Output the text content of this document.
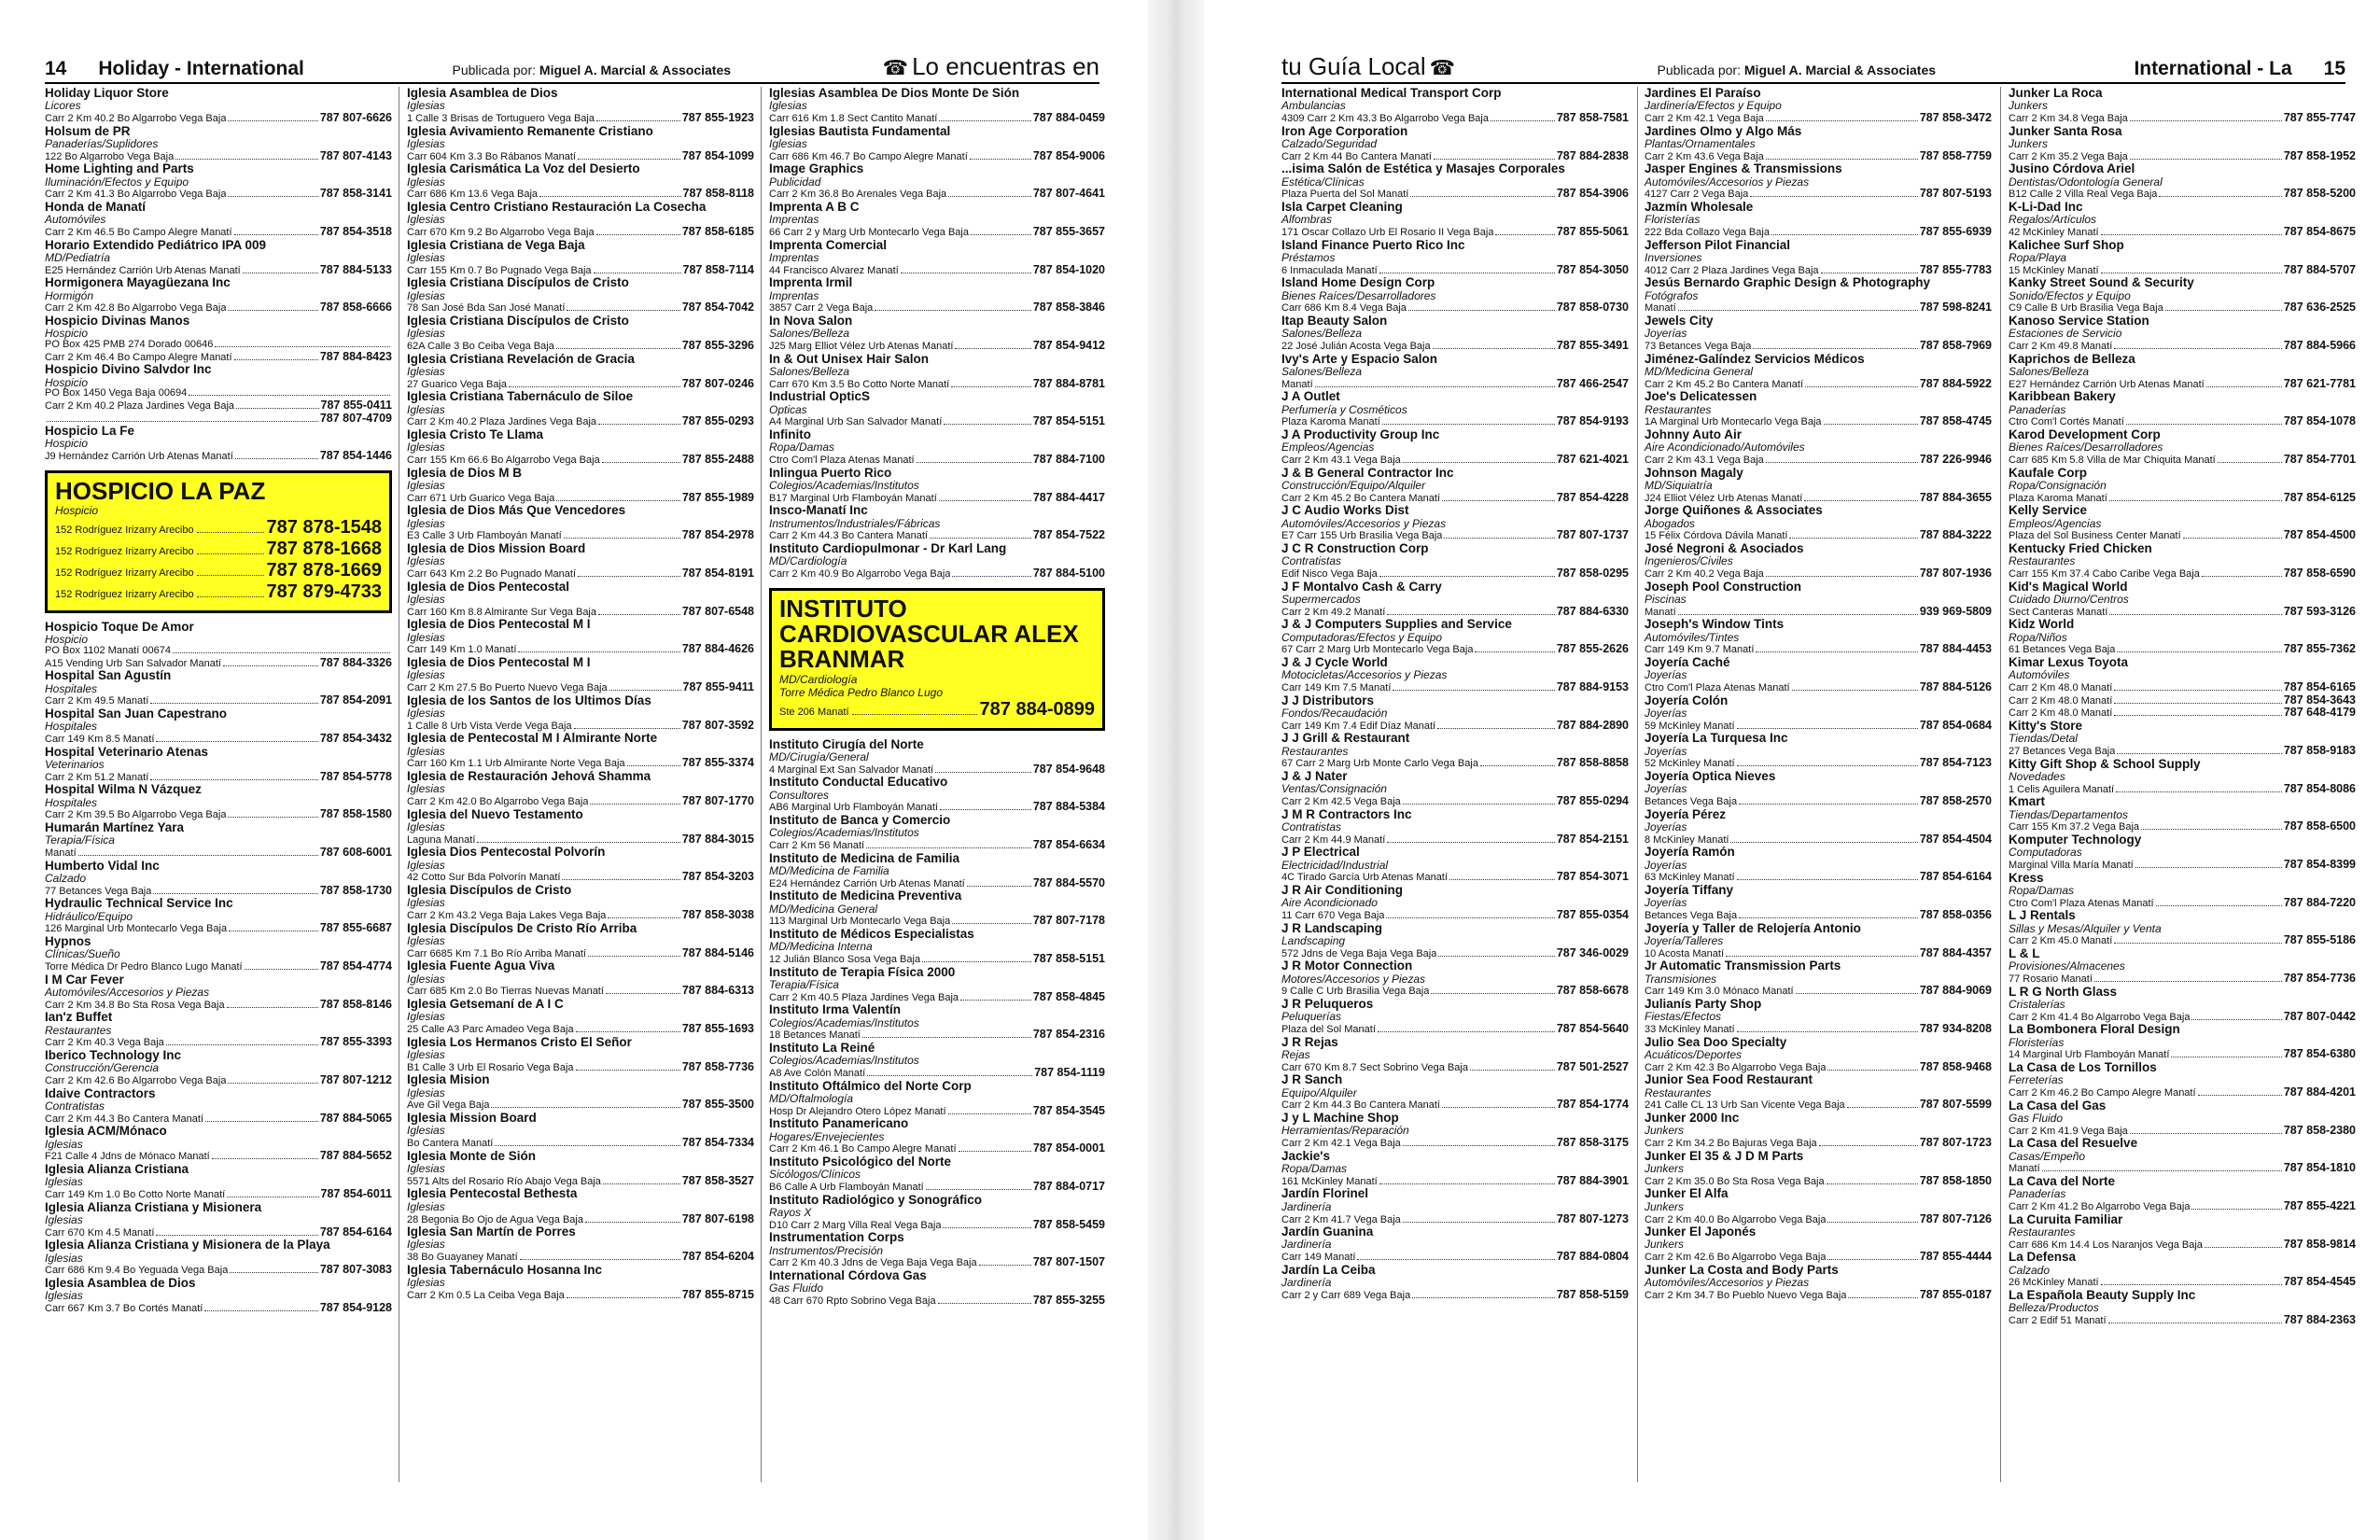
14 Holiday - International	Publicada por: Miguel A. Marcial & Associates	☎ Lo encuentras en
Holiday Liquor Store
Licores
Carr 2 Km 40.2 Bo Algarrobo Vega Baja	787 807-6626
Holsum de PR
Panaderías/Suplidores
122 Bo Algarrobo Vega Baja	787 807-4143
Home Lighting and Parts
Iluminación/Efectos y Equipo
Carr 2 Km 41.3 Bo Algarrobo Vega Baja	787 858-3141
Honda de Manatí
Automóviles
Carr 2 Km 46.5 Bo Campo Alegre Manatí	787 854-3518
Horario Extendido Pediátrico IPA 009
MD/Pediatría
E25 Hernández Carrión Urb Atenas Manatí	787 884-5133
Hormigonera Mayagüezana Inc
Hormigón
Carr 2 Km 42.8 Bo Algarrobo Vega Baja	787 858-6666
Hospicio Divinas Manos
Hospicio
PO Box 425 PMB 274 Dorado 00646
Carr 2 Km 46.4 Bo Campo Alegre Manatí	787 884-8423
Hospicio Divino Salvdor Inc
Hospicio
PO Box 1450 Vega Baja 00694
Carr 2 Km 40.2 Plaza Jardines Vega Baja	787 855-0411
787 807-4709
Hospicio La Fe
Hospicio
J9 Hernández Carrión Urb Atenas Manatí	787 854-1446
HOSPICIO LA PAZ
Hospicio
152 Rodríguez Irizarry Arecibo	787 878-1548
152 Rodríguez Irizarry Arecibo	787 878-1668
152 Rodríguez Irizarry Arecibo	787 878-1669
152 Rodríguez Irizarry Arecibo	787 879-4733
Hospicio Toque De Amor
Hospicio
PO Box 1102 Manatí 00674
A15 Vending Urb San Salvador Manatí	787 884-3326
Hospital San Agustín
Hospitales
Carr 2 Km 49.5 Manatí	787 854-2091
Hospital San Juan Capestrano
Hospitales
Carr 149 Km 8.5 Manatí	787 854-3432
Hospital Veterinario Atenas
Veterinarios
Carr 2 Km 51.2 Manatí	787 854-5778
Hospital Wilma N Vázquez
Hospitales
Carr 2 Km 39.5 Bo Algarrobo Vega Baja	787 858-1580
Humarán Martínez Yara
Terapia/Física
Manatí	787 608-6001
Humberto Vidal Inc
Calzado
77 Betances Vega Baja	787 858-1730
Hydraulic Technical Service Inc
Hidráulico/Equipo
126 Marginal Urb Montecarlo Vega Baja	787 855-6687
Hypnos
Clínicas/Sueño
Torre Médica Dr Pedro Blanco Lugo Manatí	787 854-4774
I M Car Fever
Automóviles/Accesorios y Piezas
Carr 2 Km 34.8 Bo Sta Rosa Vega Baja	787 858-8146
Ian'z Buffet
Restaurantes
Carr 2 Km 40.3 Vega Baja	787 855-3393
Iberico Technology Inc
Construcción/Gerencia
Carr 2 Km 42.6 Bo Algarrobo Vega Baja	787 807-1212
Idaive Contractors
Contratistas
Carr 2 Km 44.3 Bo Cantera Manatí	787 884-5065
Iglesia ACM/Mónaco
Iglesias
F21 Calle 4 Jdns de Mónaco Manatí	787 884-5652
Iglesia Alianza Cristiana
Iglesias
Carr 149 Km 1.0 Bo Cotto Norte Manatí	787 854-6011
Iglesia Alianza Cristiana y Misionera
Iglesias
Carr 670 Km 4.5 Manatí	787 854-6164
Iglesia Alianza Cristiana y Misionera de la Playa
Iglesias
Carr 686 Km 9.4 Bo Yeguada Vega Baja	787 807-3083
Iglesia Asamblea de Dios
Iglesias
Carr 667 Km 3.7 Bo Cortés Manatí	787 854-9128
Iglesia Asamblea de Dios
Iglesias
1 Calle 3 Brisas de Tortuguero Vega Baja	787 855-1923
Iglesia Avivamiento Remanente Cristiano
Iglesias
Carr 604 Km 3.3 Bo Rábanos Manatí	787 854-1099
Iglesia Carismática La Voz del Desierto
Iglesias
Carr 686 Km 13.6 Vega Baja	787 858-8118
Iglesia Centro Cristiano Restauración La Cosecha
Iglesias
Carr 670 Km 9.2 Bo Algarrobo Vega Baja	787 858-6185
Iglesia Cristiana de Vega Baja
Iglesias
Carr 155 Km 0.7 Bo Pugnado Vega Baja	787 858-7114
Iglesia Cristiana Discípulos de Cristo
Iglesias
78 San José Bda San José Manatí	787 854-7042
Iglesia Cristiana Discípulos de Cristo
Iglesias
62A Calle 3 Bo Ceiba Vega Baja	787 855-3296
Iglesia Cristiana Revelación de Gracia
Iglesias
27 Guarico Vega Baja	787 807-0246
Iglesia Cristiana Tabernáculo de Siloe
Iglesias
Carr 2 Km 40.2 Plaza Jardines Vega Baja	787 855-0293
Iglesia Cristo Te Llama
Iglesias
Carr 155 Km 66.6 Bo Algarrobo Vega Baja	787 855-2488
Iglesia de Dios M B
Iglesias
Carr 671 Urb Guarico Vega Baja	787 855-1989
Iglesia de Dios Más Que Vencedores
Iglesias
E3 Calle 3 Urb Flamboyán Manatí	787 854-2978
Iglesia de Dios Mission Board
Iglesias
Carr 643 Km 2.2 Bo Pugnado Manatí	787 854-8191
Iglesia de Dios Pentecostal
Iglesias
Carr 160 Km 8.8 Almirante Sur Vega Baja	787 807-6548
Iglesia de Dios Pentecostal M I
Iglesias
Carr 149 Km 1.0 Manatí	787 884-4626
Iglesia de Dios Pentecostal M I
Iglesias
Carr 2 Km 27.5 Bo Puerto Nuevo Vega Baja	787 855-9411
Iglesia de los Santos de los Ultimos Días
Iglesias
1 Calle 8 Urb Vista Verde Vega Baja	787 807-3592
Iglesia de Pentecostal M I Almirante Norte
Iglesias
Carr 160 Km 1.1 Urb Almirante Norte Vega Baja	787 855-3374
Iglesia de Restauración Jehová Shamma
Iglesias
Carr 2 Km 42.0 Bo Algarrobo Vega Baja	787 807-1770
Iglesia del Nuevo Testamento
Iglesias
Laguna Manatí	787 884-3015
Iglesia Dios Pentecostal Polvorín
Iglesias
42 Cotto Sur Bda Polvorín Manatí	787 854-3203
Iglesia Discípulos de Cristo
Iglesias
Carr 2 Km 43.2 Vega Baja Lakes Vega Baja	787 858-3038
Iglesia Discípulos De Cristo Río Arriba
Iglesias
Carr 6685 Km 7.1 Bo Río Arriba Manatí	787 884-5146
Iglesia Fuente Agua Viva
Iglesias
Carr 685 Km 2.0 Bo Tierras Nuevas Manatí	787 884-6313
Iglesia Getsemaní de A I C
Iglesias
25 Calle A3 Parc Amadeo Vega Baja	787 855-1693
Iglesia Los Hermanos Cristo El Señor
Iglesias
B1 Calle 3 Urb El Rosario Vega Baja	787 858-7736
Iglesia Mision
Iglesias
Ave Gil Vega Baja	787 855-3500
Iglesia Mission Board
Iglesias
Bo Cantera Manatí	787 854-7334
Iglesia Monte de Sión
Iglesias
5571 Alts del Rosario Río Abajo Vega Baja	787 858-3527
Iglesia Pentecostal Bethesta
Iglesias
28 Begonia Bo Ojo de Agua Vega Baja	787 807-6198
Iglesia San Martín de Porres
Iglesias
38 Bo Guayaney Manatí	787 854-6204
Iglesia Tabernáculo Hosanna Inc
Iglesias
Carr 2 Km 0.5 La Ceiba Vega Baja	787 855-8715
Iglesias Asamblea De Dios Monte De Sión
Iglesias
Carr 616 Km 1.8 Sect Cantito Manatí	787 884-0459
Iglesias Bautista Fundamental
Iglesias
Carr 686 Km 46.7 Bo Campo Alegre Manatí	787 854-9006
Image Graphics
Publicidad
Carr 2 Km 36.8 Bo Arenales Vega Baja	787 807-4641
Imprenta A B C
Imprentas
66 Carr 2 y Marg Urb Montecarlo Vega Baja	787 855-3657
Imprenta Comercial
Imprentas
44 Francisco Alvarez Manatí	787 854-1020
Imprenta Irmil
Imprentas
3857 Carr 2 Vega Baja	787 858-3846
In Nova Salon
Salones/Belleza
J25 Marg Elliot Vélez Urb Atenas Manatí	787 854-9412
In & Out Unisex Hair Salon
Salones/Belleza
Carr 670 Km 3.5 Bo Cotto Norte Manatí	787 884-8781
Industrial OpticS
Opticas
A4 Marginal Urb San Salvador Manatí	787 854-5151
Infinito
Ropa/Damas
Ctro Com'l Plaza Atenas Manatí	787 884-7100
Inlingua Puerto Rico
Colegios/Academias/Institutos
B17 Marginal Urb Flamboyán Manatí	787 884-4417
Insco-Manatí Inc
Instrumentos/Industriales/Fábricas
Carr 2 Km 44.3 Bo Cantera Manatí	787 854-7522
Instituto Cardiopulmonar - Dr Karl Lang
MD/Cardiología
Carr 2 Km 40.9 Bo Algarrobo Vega Baja	787 884-5100
INSTITUTO CARDIOVASCULAR ALEX BRANMAR
MD/Cardiología
Torre Médica Pedro Blanco Lugo
Ste 206 Manatí	787 884-0899
Instituto Cirugía del Norte
MD/Cirugía/General
4 Marginal Ext San Salvador Manatí	787 854-9648
Instituto Conductal Educativo
Consultores
AB6 Marginal Urb Flamboyán Manatí	787 884-5384
Instituto de Banca y Comercio
Colegios/Academias/Institutos
Carr 2 Km 56 Manatí	787 854-6634
Instituto de Medicina de Familia
MD/Medicina de Familia
E24 Hernández Carrión Urb Atenas Manatí	787 884-5570
Instituto de Medicina Preventiva
MD/Medicina General
113 Marginal Urb Montecarlo Vega Baja	787 807-7178
Instituto de Médicos Especialistas
MD/Medicina Interna
12 Julián Blanco Sosa Vega Baja	787 858-5151
Instituto de Terapia Física 2000
Terapia/Física
Carr 2 Km 40.5 Plaza Jardines Vega Baja	787 858-4845
Instituto Irma Valentín
Colegios/Academias/Institutos
18 Betances Manatí	787 854-2316
Instituto La Reiné
Colegios/Academias/Institutos
A8 Ave Colón Manatí	787 854-1119
Instituto Oftálmico del Norte Corp
MD/Oftalmología
Hosp Dr Alejandro Otero López Manatí	787 854-3545
Instituto Panamericano
Hogares/Envejecientes
Carr 2 Km 46.1 Bo Campo Alegre Manatí	787 854-0001
Instituto Psicológico del Norte
Sicólogos/Clínicos
B6 Calle A Urb Flamboyán Manatí	787 884-0717
Instituto Radiológico y Sonográfico
Rayos X
D10 Carr 2 Marg Villa Real Vega Baja	787 858-5459
Instrumentation Corps
Instrumentos/Precisión
Carr 2 Km 40.3 Jdns de Vega Baja Vega Baja	787 807-1507
International Córdova Gas
Gas Fluido
48 Carr 670 Rpto Sobrino Vega Baja	787 855-3255
tu Guía Local ☎	Publicada por: Miguel A. Marcial & Associates	International - La 15
International Medical Transport Corp
Ambulancias
4309 Carr 2 Km 43.3 Bo Algarrobo Vega Baja	787 858-7581
Iron Age Corporation
Calzado/Seguridad
Carr 2 Km 44 Bo Cantera Manatí	787 884-2838
...isima Salón de Estética y Masajes Corporales
Estética/Clínicas
Plaza Puerta del Sol Manatí	787 854-3906
Isla Carpet Cleaning
Alfombras
171 Oscar Collazo Urb El Rosario II Vega Baja	787 855-5061
Island Finance Puerto Rico Inc
Préstamos
6 Inmaculada Manatí	787 854-3050
Island Home Design Corp
Bienes Raíces/Desarrolladores
Carr 686 Km 8.4 Vega Baja	787 858-0730
Itap Beauty Salon
Salones/Belleza
22 José Julián Acosta Vega Baja	787 855-3491
Ivy's Arte y Espacio Salon
Salones/Belleza
Manatí	787 466-2547
J A Outlet
Perfumería y Cosméticos
Plaza Karoma Manatí	787 854-9193
J A Productivity Group Inc
Empleos/Agencias
Carr 2 Km 43.1 Vega Baja	787 621-4021
J & B General Contractor Inc
Construcción/Equipo/Alquiler
Carr 2 Km 45.2 Bo Cantera Manatí	787 854-4228
J C Audio Works Dist
Automóviles/Accesorios y Piezas
E7 Carr 155 Urb Brasilia Vega Baja	787 807-1737
J C R Construction Corp
Contratistas
Edif Nisco Vega Baja	787 858-0295
J F Montalvo Cash & Carry
Supermercados
Carr 2 Km 49.2 Manatí	787 884-6330
J & J Computers Supplies and Service
Computadoras/Efectos y Equipo
67 Carr 2 Marg Urb Montecarlo Vega Baja	787 855-2626
J & J Cycle World
Motocicletas/Accesorios y Piezas
Carr 149 Km 7.5 Manatí	787 884-9153
J J Distributors
Fondos/Recaudación
Carr 149 Km 7.4 Edif Díaz Manatí	787 884-2890
J J Grill & Restaurant
Restaurantes
67 Carr 2 Marg Urb Monte Carlo Vega Baja	787 858-8858
J & J Nater
Ventas/Consignación
Carr 2 Km 42.5 Vega Baja	787 855-0294
J M R Contractors Inc
Contratistas
Carr 2 Km 44.9 Manatí	787 854-2151
J P Electrical
Electricidad/Industrial
4C Tirado García Urb Atenas Manatí	787 854-3071
J R Air Conditioning
Aire Acondicionado
11 Carr 670 Vega Baja	787 855-0354
J R Landscaping
Landscaping
572 Jdns de Vega Baja Vega Baja	787 346-0029
J R Motor Connection
Motores/Accesorios y Piezas
9 Calle C Urb Brasilia Vega Baja	787 858-6678
J R Peluqueros
Peluquerías
Plaza del Sol Manatí	787 854-5640
J R Rejas
Rejas
Carr 670 Km 8.7 Sect Sobrino Vega Baja	787 501-2527
J R Sanch
Equipo/Alquiler
Carr 2 Km 44.3 Bo Cantera Manatí	787 854-1774
J y L Machine Shop
Herramientas/Reparación
Carr 2 Km 42.1 Vega Baja	787 858-3175
Jackie's
Ropa/Damas
161 McKinley Manatí	787 884-3901
Jardín Florinel
Jardinería
Carr 2 Km 41.7 Vega Baja	787 807-1273
Jardín Guanina
Jardinería
Carr 149 Manatí	787 884-0804
Jardín La Ceiba
Jardinería
Carr 2 y Carr 689 Vega Baja	787 858-5159
Jardines El Paraíso
Jardinería/Efectos y Equipo
Carr 2 Km 42.1 Vega Baja	787 858-3472
Jardines Olmo y Algo Más
Plantas/Ornamentales
Carr 2 Km 43.6 Vega Baja	787 858-7759
Jasper Engines & Transmissions
Automóviles/Accesorios y Piezas
4127 Carr 2 Vega Baja	787 807-5193
Jazmín Wholesale
Floristerías
222 Bda Collazo Vega Baja	787 855-6939
Jefferson Pilot Financial
Inversiones
4012 Carr 2 Plaza Jardines Vega Baja	787 855-7783
Jesús Bernardo Graphic Design & Photography
Fotógrafos
Manatí	787 598-8241
Jewels City
Joyerías
73 Betances Vega Baja	787 858-7969
Jiménez-Galíndez Servicios Médicos
MD/Medicina General
Carr 2 Km 45.2 Bo Cantera Manatí	787 884-5922
Joe's Delicatessen
Restaurantes
1A Marginal Urb Montecarlo Vega Baja	787 858-4745
Johnny Auto Air
Aire Acondicionado/Automóviles
Carr 2 Km 43.1 Vega Baja	787 226-9946
Johnson Magaly
MD/Siquiatría
J24 Elliot Vélez Urb Atenas Manatí	787 884-3655
Jorge Quiñones & Associates
Abogados
15 Félix Córdova Dávila Manatí	787 884-3222
José Negroni & Asociados
Ingenieros/Civiles
Carr 2 Km 40.2 Vega Baja	787 807-1936
Joseph Pool Construction
Piscinas
Manatí	939 969-5809
Joseph's Window Tints
Automóviles/Tintes
Carr 149 Km 9.7 Manatí	787 884-4453
Joyería Caché
Joyerías
Ctro Com'l Plaza Atenas Manatí	787 884-5126
Joyería Colón
Joyerías
59 McKinley Manatí	787 854-0684
Joyería La Turquesa Inc
Joyerías
52 McKinley Manatí	787 854-7123
Joyería Optica Nieves
Joyerías
Betances Vega Baja	787 858-2570
Joyería Pérez
Joyerías
8 McKinley Manatí	787 854-4504
Joyería Ramón
Joyerías
63 McKinley Manatí	787 854-6164
Joyería Tiffany
Joyerías
Betances Vega Baja	787 858-0356
Joyería y Taller de Relojería Antonio
Joyería/Talleres
10 Acosta Manatí	787 884-4357
Jr Automatic Transmission Parts
Transmisiones
Carr 149 Km 3.0 Mónaco Manatí	787 884-9069
Julianís Party Shop
Fiestas/Efectos
33 McKinley Manatí	787 934-8208
Julio Sea Doo Specialty
Acuáticos/Deportes
Carr 2 Km 42.3 Bo Algarrobo Vega Baja	787 858-9468
Junior Sea Food Restaurant
Restaurantes
241 Calle CL 13 Urb San Vicente Vega Baja	787 807-5599
Junker 2000 Inc
Junkers
Carr 2 Km 34.2 Bo Bajuras Vega Baja	787 807-1723
Junker El 35 & J D M Parts
Junkers
Carr 2 Km 35.0 Bo Sta Rosa Vega Baja	787 858-1850
Junker El Alfa
Junkers
Carr 2 Km 40.0 Bo Algarrobo Vega Baja	787 807-7126
Junker El Japonés
Junkers
Carr 2 Km 42.6 Bo Algarrobo Vega Baja	787 855-4444
Junker La Costa and Body Parts
Automóviles/Accesorios y Piezas
Carr 2 Km 34.7 Bo Pueblo Nuevo Vega Baja	787 855-0187
Junker La Roca
Junkers
Carr 2 Km 34.8 Vega Baja	787 855-7747
Junker Santa Rosa
Junkers
Carr 2 Km 35.2 Vega Baja	787 858-1952
Jusino Córdova Ariel
Dentistas/Odontología General
B12 Calle 2 Villa Real Vega Baja	787 858-5200
K-Li-Dad Inc
Regalos/Artículos
42 McKinley Manatí	787 854-8675
Kalichee Surf Shop
Ropa/Playa
15 McKinley Manatí	787 884-5707
Kanky Street Sound & Security
Sonido/Efectos y Equipo
C9 Calle B Urb Brasilia Vega Baja	787 636-2525
Kanoso Service Station
Estaciones de Servicio
Carr 2 Km 49.8 Manatí	787 884-5966
Kaprichos de Belleza
Salones/Belleza
E27 Hernández Carrión Urb Atenas Manatí	787 621-7781
Karibbean Bakery
Panaderías
Ctro Com'l Cortés Manatí	787 854-1078
Karod Development Corp
Bienes Raíces/Desarrolladores
Carr 685 Km 5.8 Villa de Mar Chiquita Manatí	787 854-7701
Kaufale Corp
Ropa/Consignación
Plaza Karoma Manatí	787 854-6125
Kelly Service
Empleos/Agencias
Plaza del Sol Business Center Manatí	787 854-4500
Kentucky Fried Chicken
Restaurantes
Carr 155 Km 37.4 Cabo Caribe Vega Baja	787 858-6590
Kid's Magical World
Cuidado Diurno/Centros
Sect Canteras Manatí	787 593-3126
Kidz World
Ropa/Niños
61 Betances Vega Baja	787 855-7362
Kimar Lexus Toyota
Automóviles
Carr 2 Km 48.0 Manatí	787 854-6165
Carr 2 Km 48.0 Manatí	787 854-3643
Carr 2 Km 48.0 Manatí	787 648-4179
Kitty's Store
Tiendas/Detal
27 Betances Vega Baja	787 858-9183
Kitty Gift Shop & School Supply
Novedades
1 Celis Aguilera Manatí	787 854-8086
Kmart
Tiendas/Departamentos
Carr 155 Km 37.2 Vega Baja	787 858-6500
Komputer Technology
Computadoras
Marginal Villa María Manatí	787 854-8399
Kress
Ropa/Damas
Ctro Com'l Plaza Atenas Manatí	787 884-7220
L J Rentals
Sillas y Mesas/Alquiler y Venta
Carr 2 Km 45.0 Manatí	787 855-5186
L & L
Provisiones/Almacenes
77 Rosario Manatí	787 854-7736
L R G North Glass
Cristalerías
Carr 2 Km 41.4 Bo Algarrobo Vega Baja	787 807-0442
La Bombonera Floral Design
Floristerías
14 Marginal Urb Flamboyán Manatí	787 854-6380
La Casa de Los Tornillos
Ferreterías
Carr 2 Km 46.2 Bo Campo Alegre Manatí	787 884-4201
La Casa del Gas
Gas Fluido
Carr 2 Km 41.9 Vega Baja	787 858-2380
La Casa del Resuelve
Casas/Empeño
Manatí	787 854-1810
La Cava del Norte
Panaderías
Carr 2 Km 41.2 Bo Algarrobo Vega Baja	787 855-4221
La Curuita Familiar
Restaurantes
Carr 686 Km 14.4 Los Naranjos Vega Baja	787 858-9814
La Defensa
Calzado
26 McKinley Manatí	787 854-4545
La Española Beauty Supply Inc
Belleza/Productos
Carr 2 Edif 51 Manatí	787 884-2363
